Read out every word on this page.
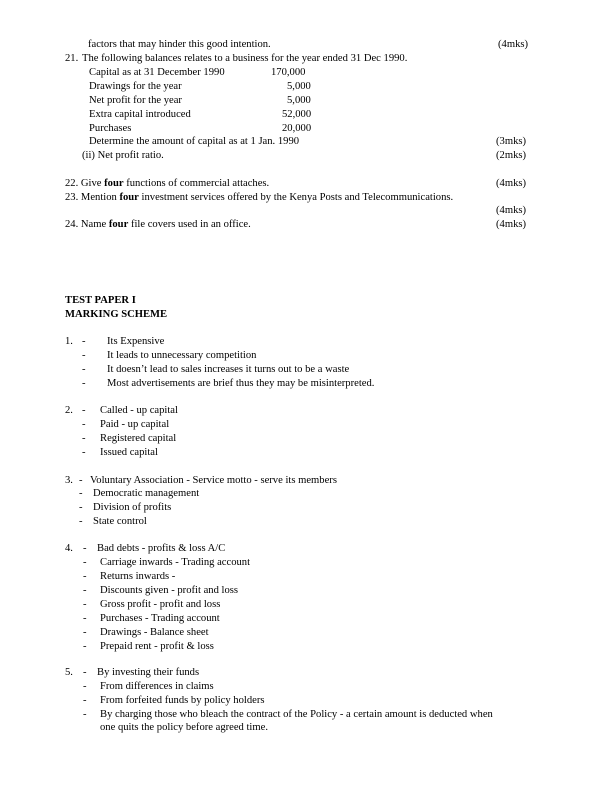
factors that may hinder this good intention.	(4mks)
21. The following balances relates to a business for the year ended 31 Dec 1990.
Capital as at 31 December 1990	170,000
Drawings for the year	5,000
Net profit for the year	5,000
Extra capital introduced	52,000
Purchases	20,000
Determine the amount of capital as at 1 Jan. 1990	(3mks)
(ii) Net profit ratio.	(2mks)
22. Give four functions of commercial attaches.	(4mks)
23. Mention four investment services offered by the Kenya Posts and Telecommunications.
(4mks)
24. Name four file covers used in an office.	(4mks)
TEST PAPER I
MARKING SCHEME
1. - Its Expensive
- It leads to unnecessary competition
- It doesn’t lead to sales increases it turns out to be a waste
- Most advertisements are brief thus they may be misinterpreted.
2. - Called - up capital
- Paid - up capital
- Registered capital
- Issued capital
3. - Voluntary Association - Service motto - serve its members
- Democratic management
- Division of profits
- State control
4. - Bad debts - profits & loss A/C
- Carriage inwards - Trading account
- Returns inwards -
- Discounts given - profit and loss
- Gross profit - profit and loss
- Purchases - Trading account
- Drawings - Balance sheet
- Prepaid rent - profit & loss
5. - By investing their funds
- From differences in claims
- From forfeited funds by policy holders
- By charging those who bleach the contract of the Policy - a certain amount is deducted when
one quits the policy before agreed time.
